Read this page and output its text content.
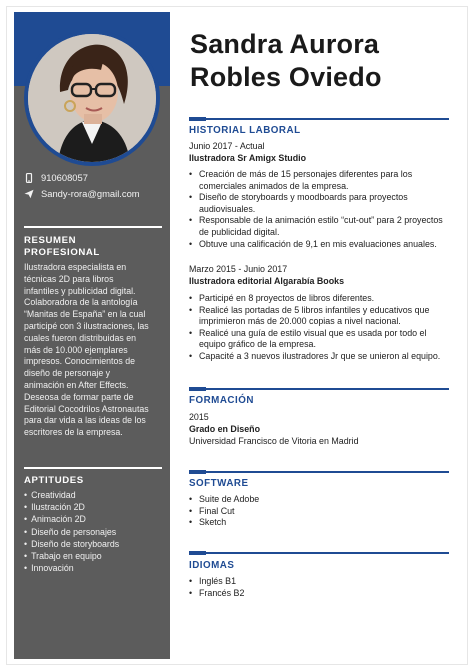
910608057
Sandy-rora@gmail.com
RESUMEN
PROFESIONAL
Ilustradora especialista en
técnicas 2D para libros
infantiles y publicidad digital.
Colaboradora de la antología
“Manitas de España” en la cual
participé con 3 ilustraciones, las
cuales fueron distribuidas en
más de 10.000 ejemplares
impresos. Conocimientos de
diseño de personaje y
animación en After Effects.
Deseosa de formar parte de
Editorial Cocodrilos Astronautas
para dar vida a las ideas de los
escritores de la empresa.
APTITUDES
• Creatividad
• Ilustración 2D
• Animación 2D
• Diseño de personajes
• Diseño de storyboards
• Trabajo en equipo
• Innovación
Sandra Aurora
Robles Oviedo
HISTORIAL LABORAL
Junio 2017 - Actual
Ilustradora Sr Amigx Studio
• Creación de más de 15 personajes diferentes para los
comerciales animados de la empresa.
• Diseño de storyboards y moodboards para proyectos
audiovisuales.
• Responsable de la animación estilo “cut-out” para 2 proyectos
de publicidad digital.
• Obtuve una calificación de 9,1 en mis evaluaciones anuales.
Marzo 2015 - Junio 2017
Ilustradora editorial Algarabía Books
• Participé en 8 proyectos de libros diferentes.
• Realicé las portadas de 5 libros infantiles y educativos que
imprimieron más de 20.000 copias a nivel nacional.
• Realicé una guía de estilo visual que es usada por todo el
equipo gráfico de la empresa.
• Capacité a 3 nuevos ilustradores Jr que se unieron al equipo.
FORMACIÓN
2015
Grado en Diseño
Universidad Francisco de Vitoria en Madrid
SOFTWARE
• Suite de Adobe
• Final Cut
• Sketch
IDIOMAS
• Inglés B1
• Francés B2
